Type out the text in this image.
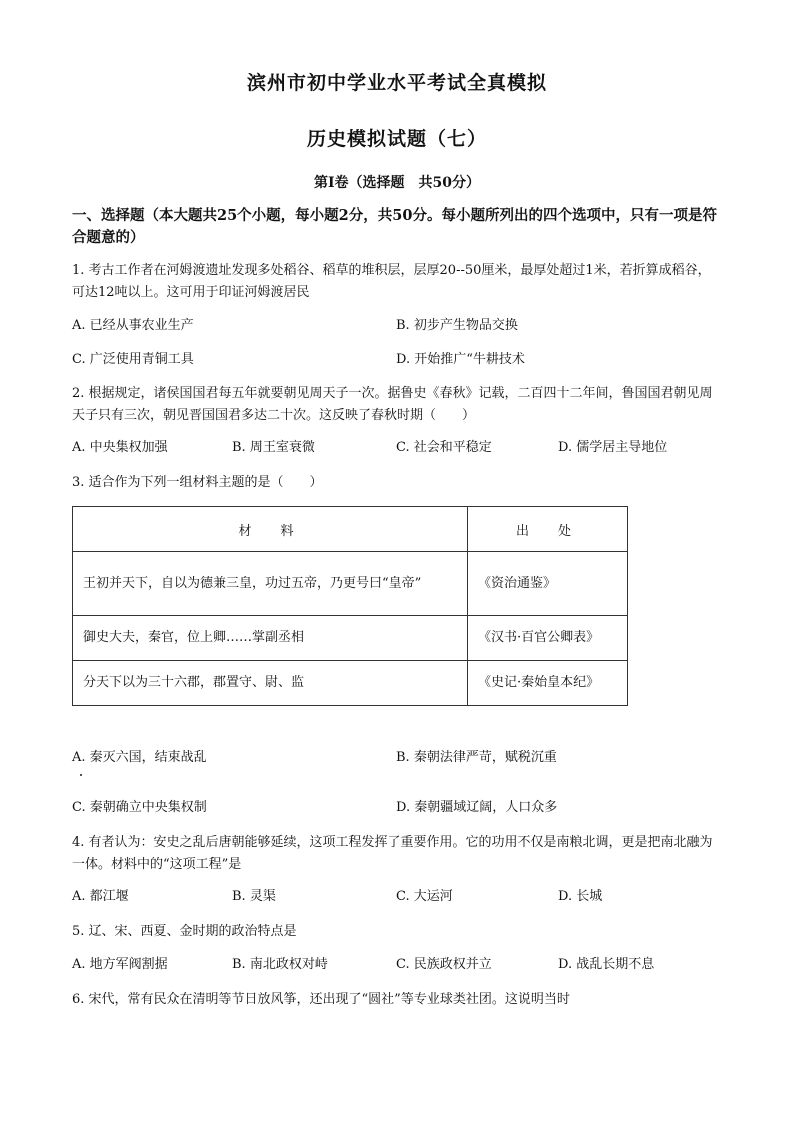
滨州市初中学业水平考试全真模拟
历史模拟试题（七）
第I卷（选择题　共50分）
一、选择题（本大题共25个小题，每小题2分，共50分。每小题所列出的四个选项中，只有一项是符合题意的）
1. 考古工作者在河姆渡遗址发现多处稻谷、稻草的堆积层，层厚20--50厘米，最厚处超过1米，若折算成稻谷，可达12吨以上。这可用于印证河姆渡居民
A. 已经从事农业生产	B. 初步产生物品交换
C. 广泛使用青铜工具	D. 开始推广“牛耕技术
2. 根据规定，诸侯国国君每五年就要朝见周天子一次。据鲁史《春秋》记载，二百四十二年间，鲁国国君朝见周天子只有三次，朝见晋国国君多达二十次。这反映了春秋时期（　　）
A. 中央集权加强	B. 周王室衰微	C. 社会和平稳定	D. 儒学居主导地位
3. 适合作为下列一组材料主题的是（　　）
材　料	出　处
王初并天下，自以为德兼三皇，功过五帝，乃更号曰“皇帝”	《资治通鉴》
御史大夫，秦官，位上卿……掌副丞相	《汉书·百官公卿表》
分天下以为三十六郡，郡置守、尉、监	《史记·秦始皇本纪》
A. 秦灭六国，结束战乱	B. 秦朝法律严苛，赋税沉重
C. 秦朝确立中央集权制	D. 秦朝疆域辽阔，人口众多
4. 有者认为：安史之乱后唐朝能够延续，这项工程发挥了重要作用。它的功用不仅是南粮北调，更是把南北融为一体。材料中的“这项工程”是
A. 都江堰	B. 灵渠	C. 大运河	D. 长城
5. 辽、宋、西夏、金时期的政治特点是
A. 地方军阀割据	B. 南北政权对峙	C. 民族政权并立	D. 战乱长期不息
6. 宋代，常有民众在清明等节日放风筝，还出现了“圆社”等专业球类社团。这说明当时
